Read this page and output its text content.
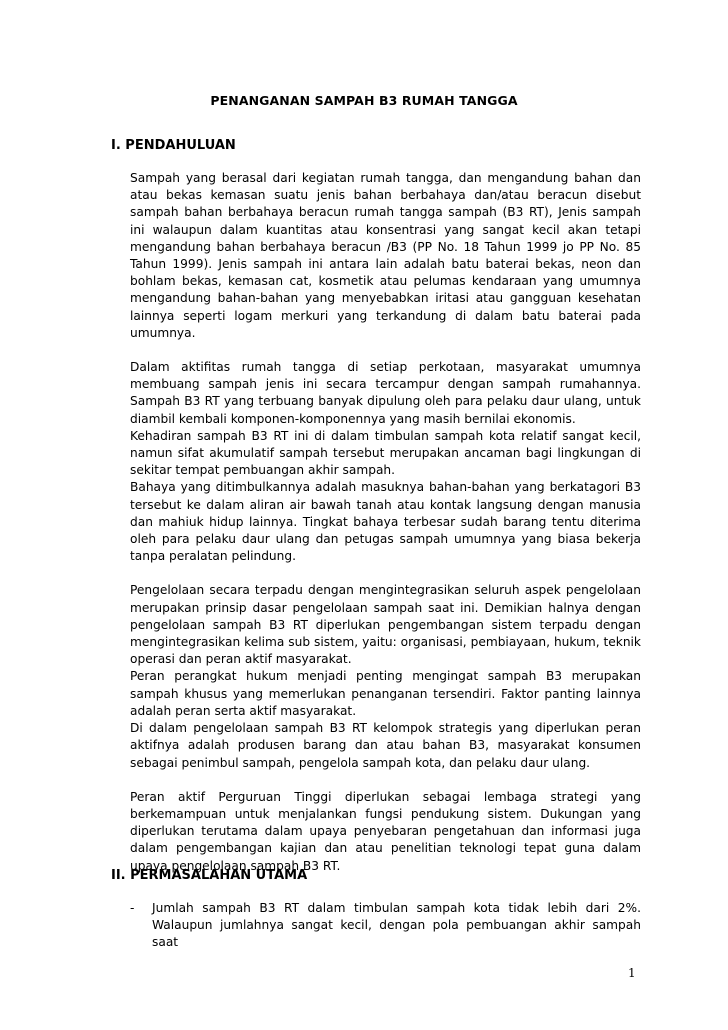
PENANGANAN SAMPAH B3 RUMAH TANGGA
I. PENDAHULUAN

Sampah yang berasal dari kegiatan rumah tangga, dan mengandung bahan dan atau bekas kemasan suatu jenis bahan berbahaya dan/atau beracun disebut sampah bahan berbahaya beracun rumah tangga sampah (B3 RT), Jenis sampah ini walaupun dalam kuantitas atau konsentrasi yang sangat kecil akan tetapi mengandung bahan berbahaya beracun /B3 (PP No. 18 Tahun 1999 jo PP No. 85 Tahun 1999). Jenis sampah ini antara lain adalah batu baterai bekas, neon dan bohlam bekas, kemasan cat, kosmetik atau pelumas kendaraan yang umumnya mengandung bahan-bahan yang menyebabkan iritasi atau gangguan kesehatan lainnya seperti logam merkuri yang terkandung di dalam batu baterai pada umumnya.

Dalam aktifitas rumah tangga di setiap perkotaan, masyarakat umumnya membuang sampah jenis ini secara tercampur dengan sampah rumahannya. Sampah B3 RT yang terbuang banyak dipulung oleh para pelaku daur ulang, untuk diambil kembali komponen-komponennya yang masih bernilai ekonomis.

Kehadiran sampah B3 RT ini di dalam timbulan sampah kota relatif sangat kecil, namun sifat akumulatif sampah tersebut merupakan ancaman bagi lingkungan di sekitar tempat pembuangan akhir sampah.

Bahaya yang ditimbulkannya adalah masuknya bahan-bahan yang berkatagori B3 tersebut ke dalam aliran air bawah tanah atau kontak langsung dengan manusia dan mahiuk hidup lainnya. Tingkat bahaya terbesar sudah barang tentu diterima oleh para pelaku daur ulang dan petugas sampah umumnya yang biasa bekerja tanpa peralatan pelindung.

Pengelolaan secara terpadu dengan mengintegrasikan seluruh aspek pengelolaan merupakan prinsip dasar pengelolaan sampah saat ini. Demikian halnya dengan pengelolaan sampah B3 RT diperlukan pengembangan sistem terpadu dengan mengintegrasikan kelima sub sistem, yaitu: organisasi, pembiayaan, hukum, teknik operasi dan peran aktif masyarakat.

Peran perangkat hukum menjadi penting mengingat sampah B3 merupakan sampah khusus yang memerlukan penanganan tersendiri. Faktor panting lainnya adalah peran serta aktif masyarakat.

Di dalam pengelolaan sampah B3 RT kelompok strategis yang diperlukan peran aktifnya adalah produsen barang dan atau bahan B3, masyarakat konsumen sebagai penimbul sampah, pengelola sampah kota, dan pelaku daur ulang.

Peran aktif Perguruan Tinggi diperlukan sebagai lembaga strategi yang berkemampuan untuk menjalankan fungsi pendukung sistem. Dukungan yang diperlukan terutama dalam upaya penyebaran pengetahuan dan informasi juga dalam pengembangan kajian dan atau penelitian teknologi tepat guna dalam upaya pengelolaan sampah B3 RT.

II. PERMASALAHAN UTAMA
- Jumlah sampah B3 RT dalam timbulan sampah kota tidak lebih dari 2%. Walaupun jumlahnya sangat kecil, dengan pola pembuangan akhir sampah saat
1
